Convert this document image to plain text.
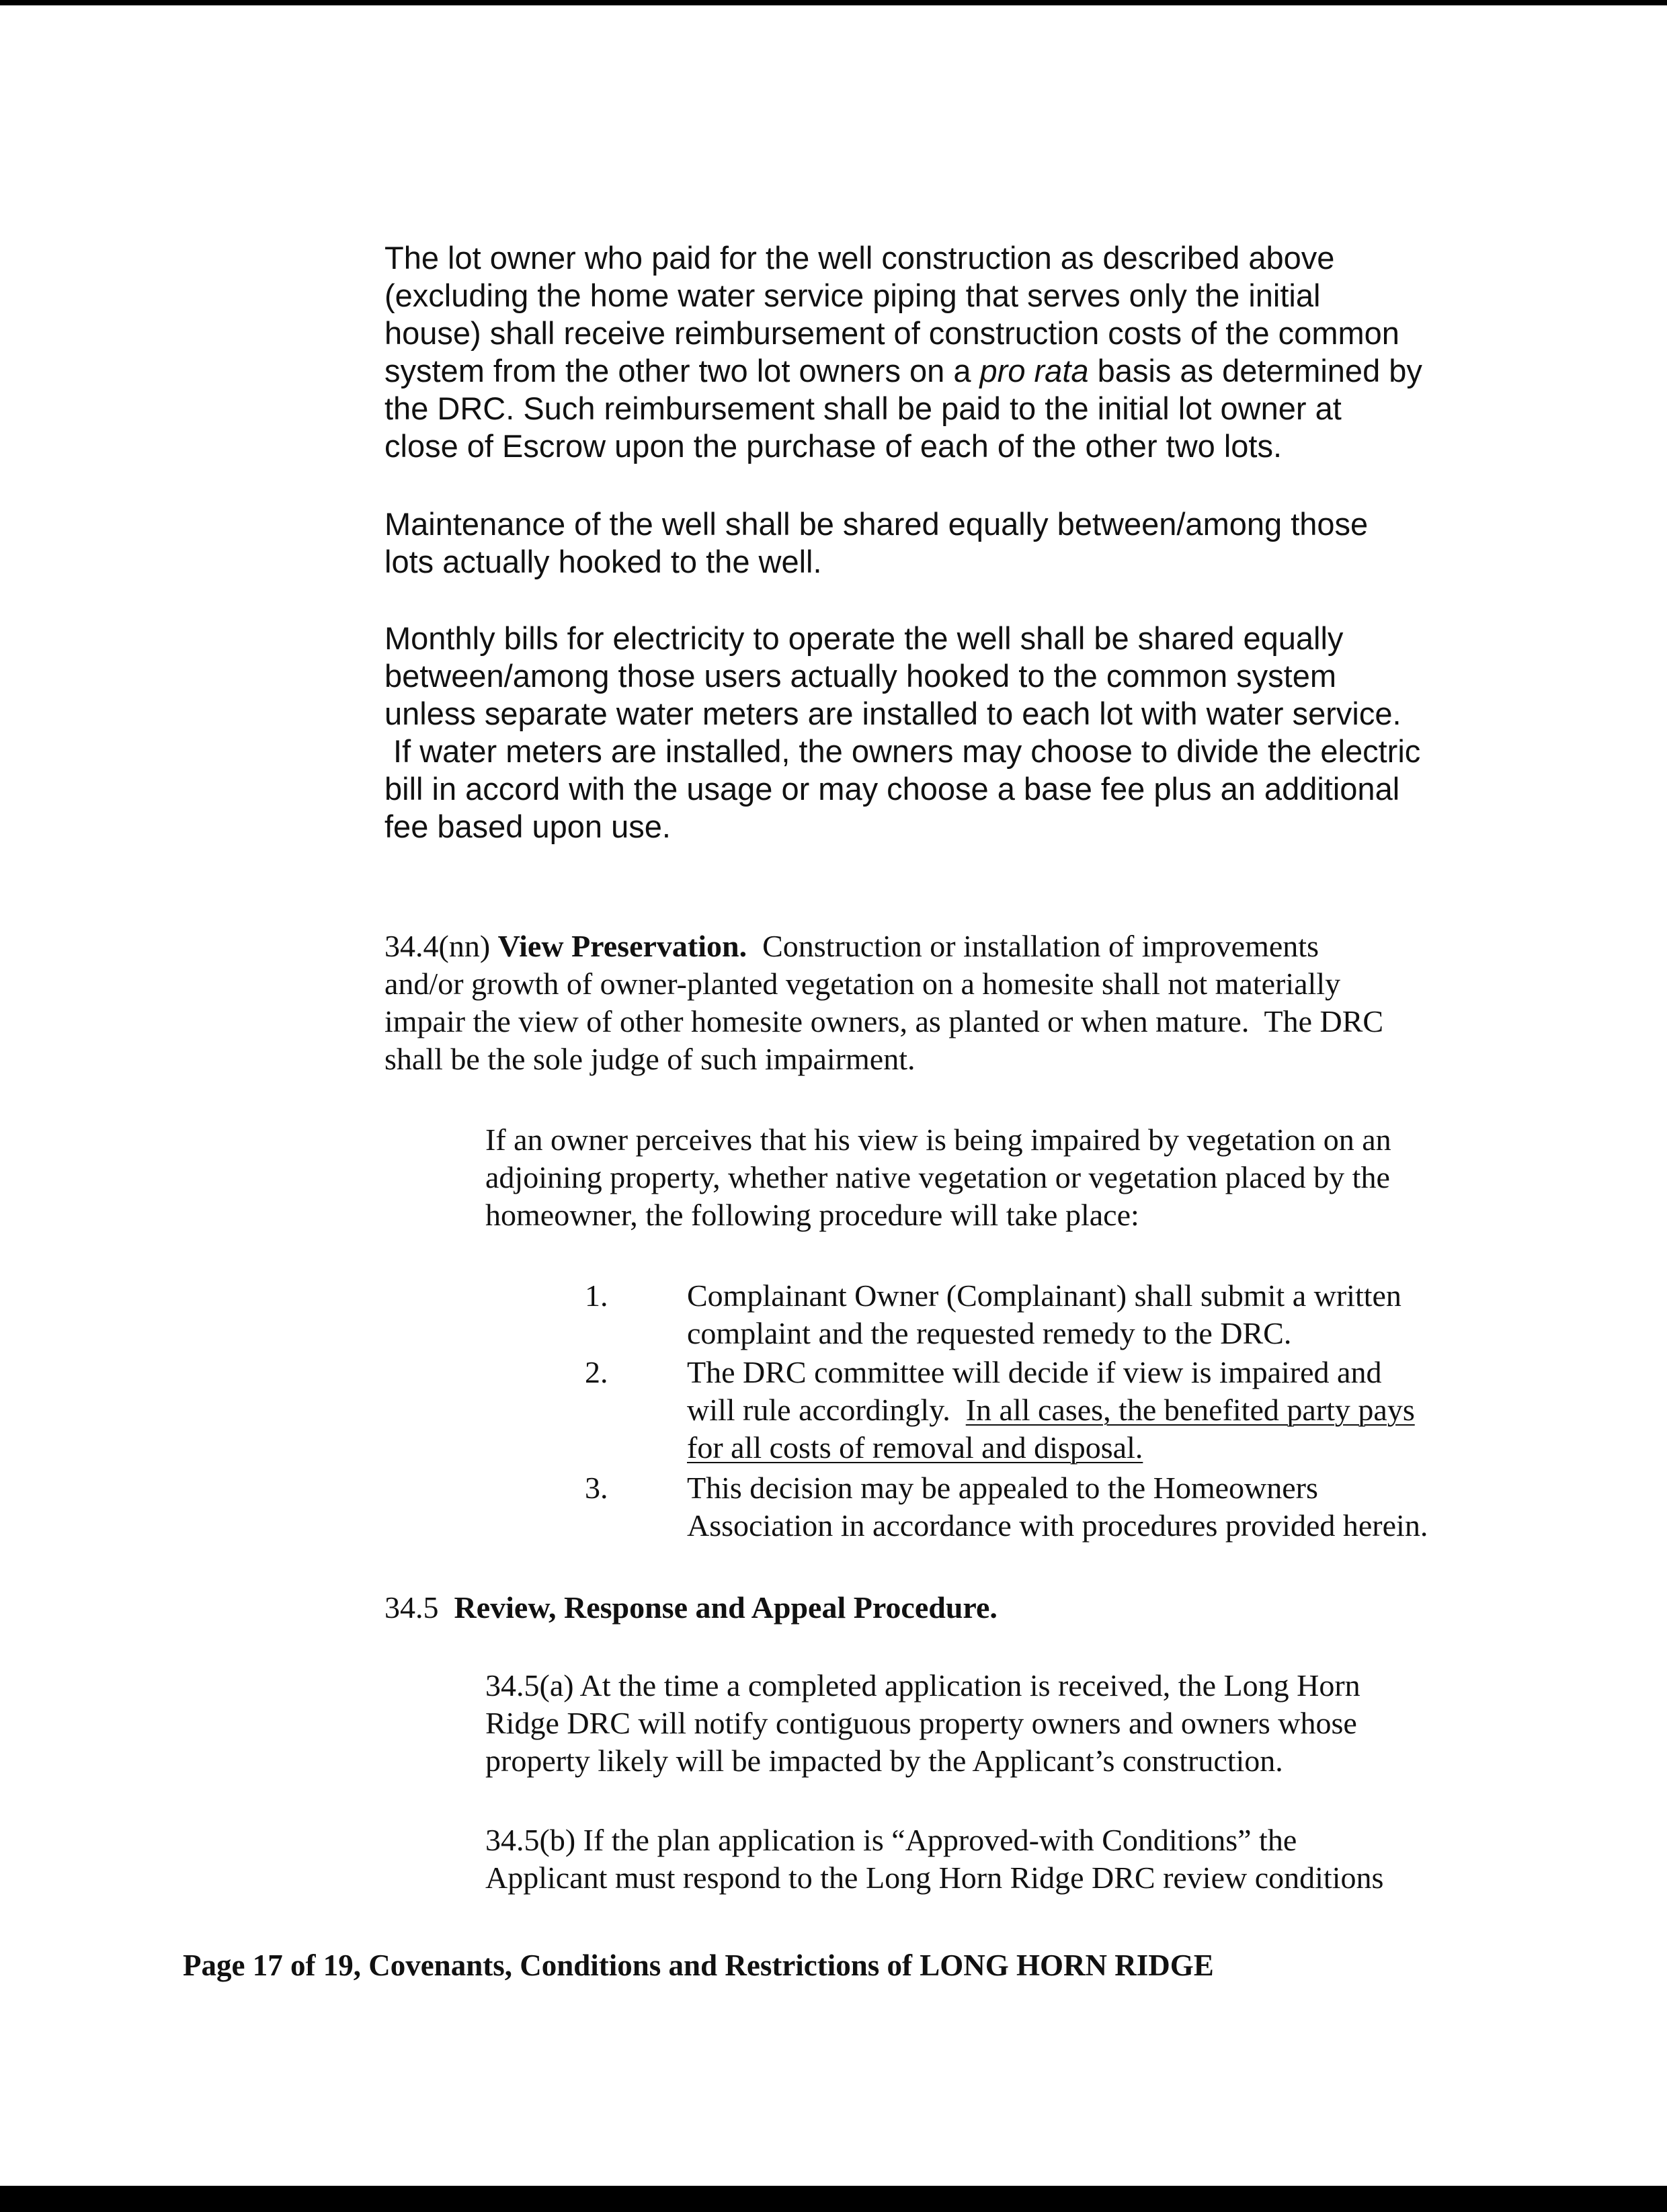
The lot owner who paid for the well construction as described above
(excluding the home water service piping that serves only the initial
house) shall receive reimbursement of construction costs of the common
system from the other two lot owners on a pro rata basis as determined by
the DRC. Such reimbursement shall be paid to the initial lot owner at
close of Escrow upon the purchase of each of the other two lots.
Maintenance of the well shall be shared equally between/among those
lots actually hooked to the well.
Monthly bills for electricity to operate the well shall be shared equally
between/among those users actually hooked to the common system
unless separate water meters are installed to each lot with water service.
If water meters are installed, the owners may choose to divide the electric
bill in accord with the usage or may choose a base fee plus an additional
fee based upon use.
34.4(nn) View Preservation.  Construction or installation of improvements
and/or growth of owner-planted vegetation on a homesite shall not materially
impair the view of other homesite owners, as planted or when mature.  The DRC
shall be the sole judge of such impairment.
If an owner perceives that his view is being impaired by vegetation on an
adjoining property, whether native vegetation or vegetation placed by the
homeowner, the following procedure will take place:
1.	Complainant Owner (Complainant) shall submit a written
complaint and the requested remedy to the DRC.
2.	The DRC committee will decide if view is impaired and
will rule accordingly.  In all cases, the benefited party pays
for all costs of removal and disposal.
3.	This decision may be appealed to the Homeowners
Association in accordance with procedures provided herein.
34.5  Review, Response and Appeal Procedure.
34.5(a) At the time a completed application is received, the Long Horn
Ridge DRC will notify contiguous property owners and owners whose
property likely will be impacted by the Applicant’s construction.
34.5(b) If the plan application is “Approved-with Conditions” the
Applicant must respond to the Long Horn Ridge DRC review conditions
Page 17 of 19, Covenants, Conditions and Restrictions of LONG HORN RIDGE
